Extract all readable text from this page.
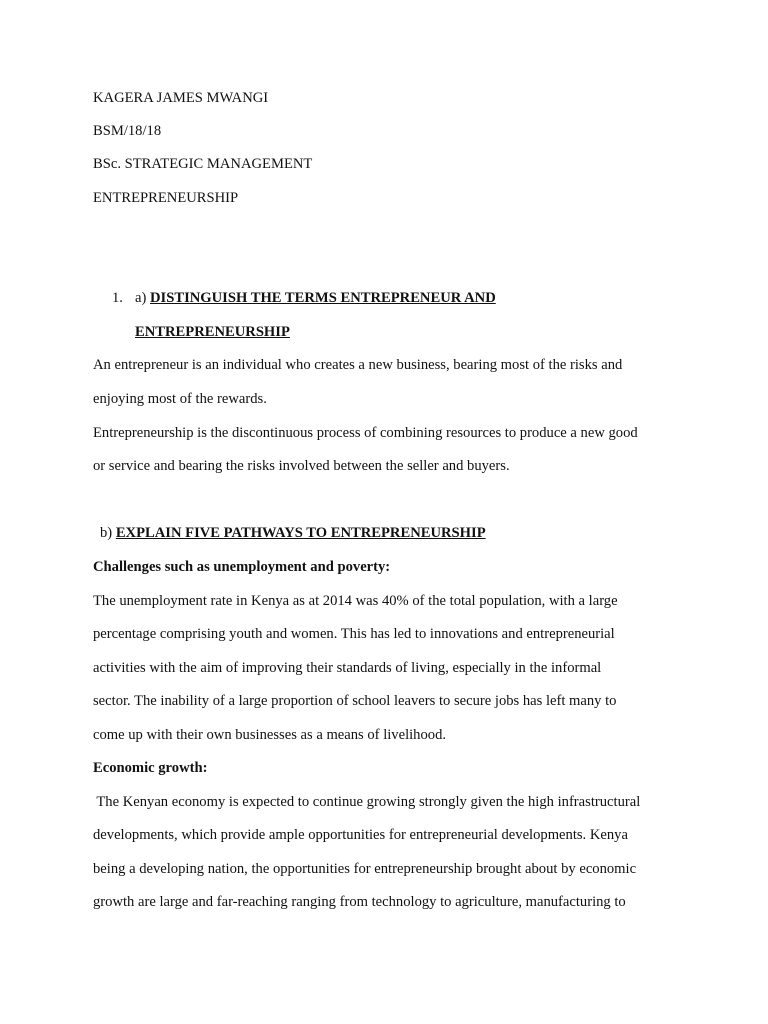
KAGERA JAMES MWANGI
BSM/18/18
BSc. STRATEGIC MANAGEMENT
ENTREPRENEURSHIP
1. a) DISTINGUISH THE TERMS ENTREPRENEUR AND
ENTREPRENEURSHIP
An entrepreneur is an individual who creates a new business, bearing most of the risks and
enjoying most of the rewards.
Entrepreneurship is the discontinuous process of combining resources to produce a new good
or service and bearing the risks involved between the seller and buyers.
b) EXPLAIN FIVE PATHWAYS TO ENTREPRENEURSHIP
Challenges such as unemployment and poverty:
The unemployment rate in Kenya as at 2014 was 40% of the total population, with a large
percentage comprising youth and women. This has led to innovations and entrepreneurial
activities with the aim of improving their standards of living, especially in the informal
sector. The inability of a large proportion of school leavers to secure jobs has left many to
come up with their own businesses as a means of livelihood.
Economic growth:
The Kenyan economy is expected to continue growing strongly given the high infrastructural
developments, which provide ample opportunities for entrepreneurial developments. Kenya
being a developing nation, the opportunities for entrepreneurship brought about by economic
growth are large and far-reaching ranging from technology to agriculture, manufacturing to
